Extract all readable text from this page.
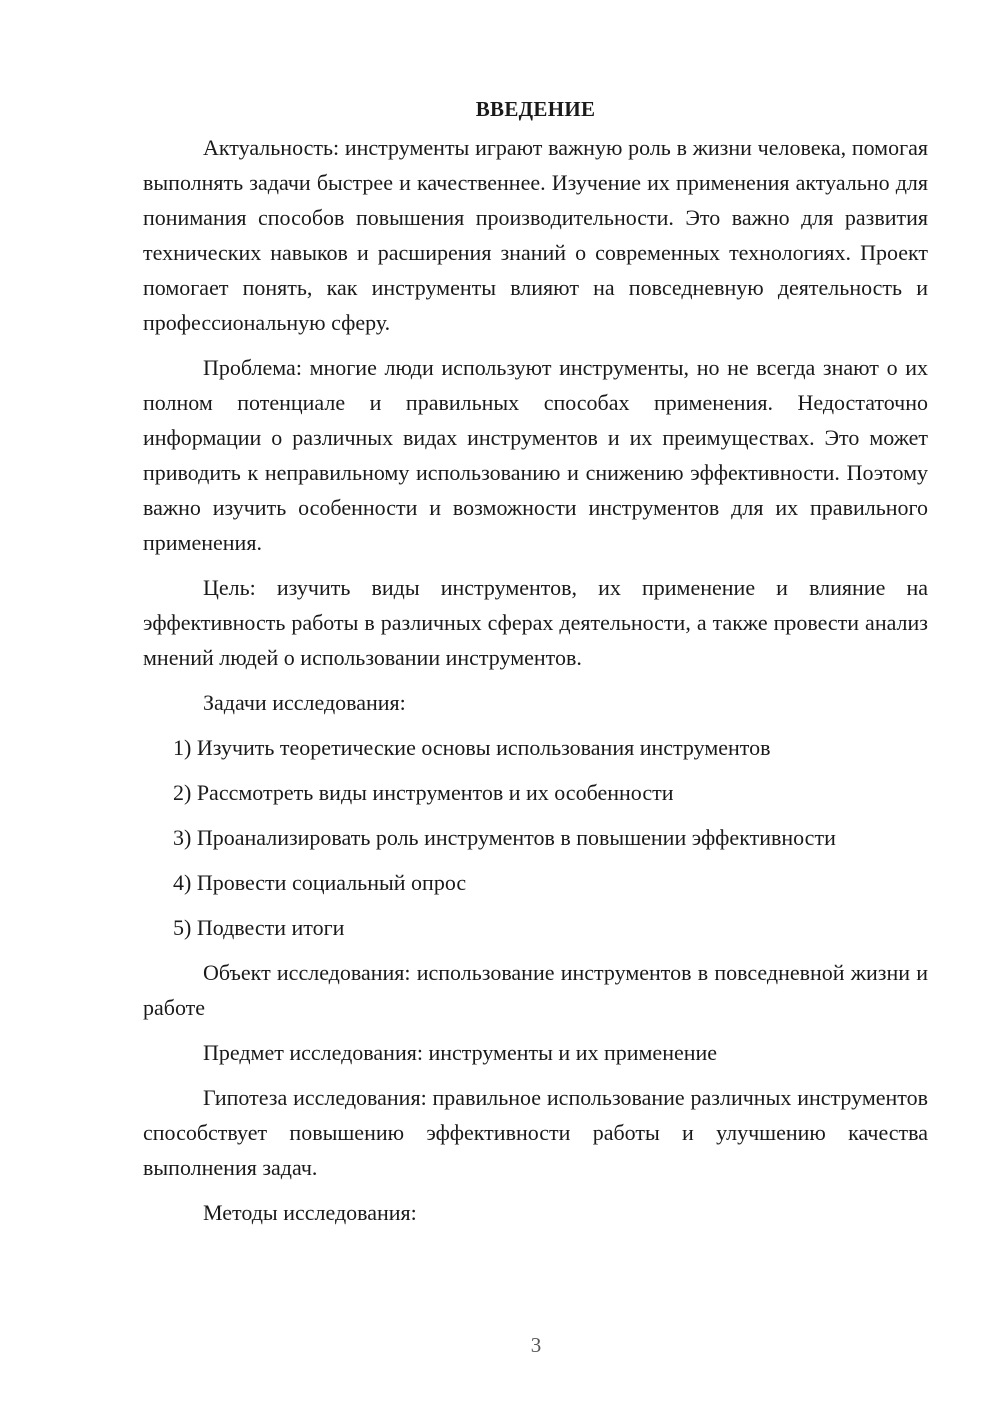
ВВЕДЕНИЕ

Актуальность: инструменты играют важную роль в жизни человека, помогая выполнять задачи быстрее и качественнее. Изучение их применения актуально для понимания способов повышения производительности. Это важно для развития технических навыков и расширения знаний о современных технологиях. Проект помогает понять, как инструменты влияют на повседневную деятельность и профессиональную сферу.

Проблема: многие люди используют инструменты, но не всегда знают о их полном потенциале и правильных способах применения. Недостаточно информации о различных видах инструментов и их преимуществах. Это может приводить к неправильному использованию и снижению эффективности. Поэтому важно изучить особенности и возможности инструментов для их правильного применения.

Цель: изучить виды инструментов, их применение и влияние на эффективность работы в различных сферах деятельности, а также провести анализ мнений людей о использовании инструментов.

Задачи исследования:

1) Изучить теоретические основы использования инструментов

2) Рассмотреть виды инструментов и их особенности

3) Проанализировать роль инструментов в повышении эффективности

4) Провести социальный опрос

5) Подвести итоги

Объект исследования: использование инструментов в повседневной жизни и работе

Предмет исследования: инструменты и их применение

Гипотеза исследования: правильное использование различных инструментов способствует повышению эффективности работы и улучшению качества выполнения задач.

Методы исследования:

3
